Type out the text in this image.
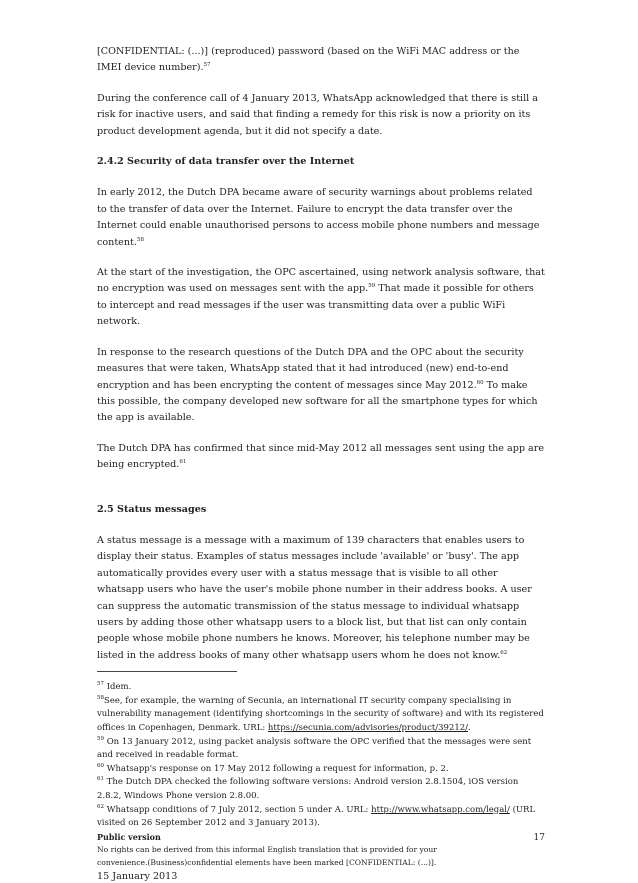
[CONFIDENTIAL: (...)] (reproduced) password (based on the WiFi MAC address or the IMEI device number).$^{57}$

During the conference call of 4 January 2013, WhatsApp acknowledged that there is still a risk for inactive users, and said that finding a remedy for this risk is now a priority on its product development agenda, but it did not specify a date.

2.4.2 Security of data transfer over the Internet

In early 2012, the Dutch DPA became aware of security warnings about problems related to the transfer of data over the Internet. Failure to encrypt the data transfer over the Internet could enable unauthorised persons to access mobile phone numbers and message content.$^{58}$

At the start of the investigation, the OPC ascertained, using network analysis software, that no encryption was used on messages sent with the app.$^{59}$ That made it possible for others to intercept and read messages if the user was transmitting data over a public WiFi network.

In response to the research questions of the Dutch DPA and the OPC about the security measures that were taken, WhatsApp stated that it had introduced (new) end-to-end encryption and has been encrypting the content of messages since May 2012.60 To make this possible, the company developed new software for all the smartphone types for which the app is available.

The Dutch DPA has confirmed that since mid-May 2012 all messages sent using the app are being encrypted.$^{61}$

2.5 Status messages

A status message is a message with a maximum of 139 characters that enables users to display their status. Examples of status messages include 'available' or 'busy'. The app automatically provides every user with a status message that is visible to all other whatsapp users who have the user's mobile phone number in their address books. A user can suppress the automatic transmission of the status message to individual whatsapp users by adding those other whatsapp users to a block list, but that list can only contain people whose mobile phone numbers he knows. Moreover, his telephone number may be listed in the address books of many other whatsapp users whom he does not know.$^{62}$

$^{57}$ Idem.

$^{58}$See, for example, the warning of Secunia, an international IT security company specialising in vulnerability management (identifying shortcomings in the security of software) and with its registered offices in Copenhagen, Denmark. URL: https://secunia.com/advisories/product/39212/.

$^{59}$ On 13 January 2012, using packet analysis software the OPC verified that the messages were sent and received in readable format.

$^{60}$ Whatsapp's response on 17 May 2012 following a request for information, p. 2.

$^{61}$ The Dutch DPA checked the following software versions: Android version 2.8.1504, iOS version 2.8.2, Windows Phone version 2.8.00.

$^{62}$ Whatsapp conditions of 7 July 2012, section 5 under A. URL: http://www.whatsapp.com/legal/ (URL visited on 26 September 2012 and 3 January 2013).

Public version	17

No rights can be derived from this informal English translation that is provided for your

convenience.(Business)confidential elements have been marked [CONFIDENTIAL: (...)].

15 January 2013
